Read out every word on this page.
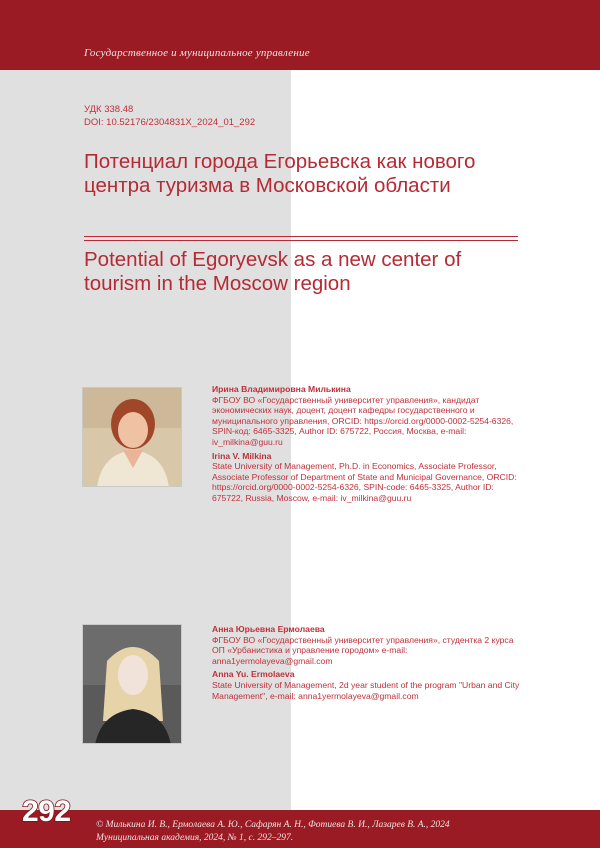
Государственное и муниципальное управление
УДК 338.48
DOI: 10.52176/2304831X_2024_01_292
Потенциал города Егорьевска как нового центра туризма в Московской области
Potential of Egoryevsk as a new center of tourism in the Moscow region
Ирина Владимировна Милькина
ФГБОУ ВО «Государственный университет управления», кандидат экономических наук, доцент, доцент кафедры государственного и муниципального управления, ORCID: https://orcid.org/0000-0002-5254-6326, SPIN-код: 6465-3325, Author ID: 675722, Россия, Москва, e-mail: iv_milkina@guu.ru
Irina V. Milkina
State University of Management, Ph.D. in Economics, Associate Professor, Associate Professor of Department of State and Municipal Governance, ORCID: https://orcid.org/0000-0002-5254-6326, SPIN-code: 6465-3325, Author ID: 675722, Russia, Moscow, e-mail: iv_milkina@guu.ru
Анна Юрьевна Ермолаева
ФГБОУ ВО «Государственный университет управления», студентка 2 курса ОП «Урбанистика и управление городом» e-mail: anna1yermolayeva@gmail.com
Anna Yu. Ermolaeva
State University of Management, 2d year student of the program "Urban and City Management", e-mail: anna1yermolayeva@gmail.com
292	© Милькина И. В., Ермолаева А. Ю., Сафарян А. Н., Фотиева В. И., Лазарев В. А., 2024
Муниципальная академия, 2024, № 1, с. 292–297.
